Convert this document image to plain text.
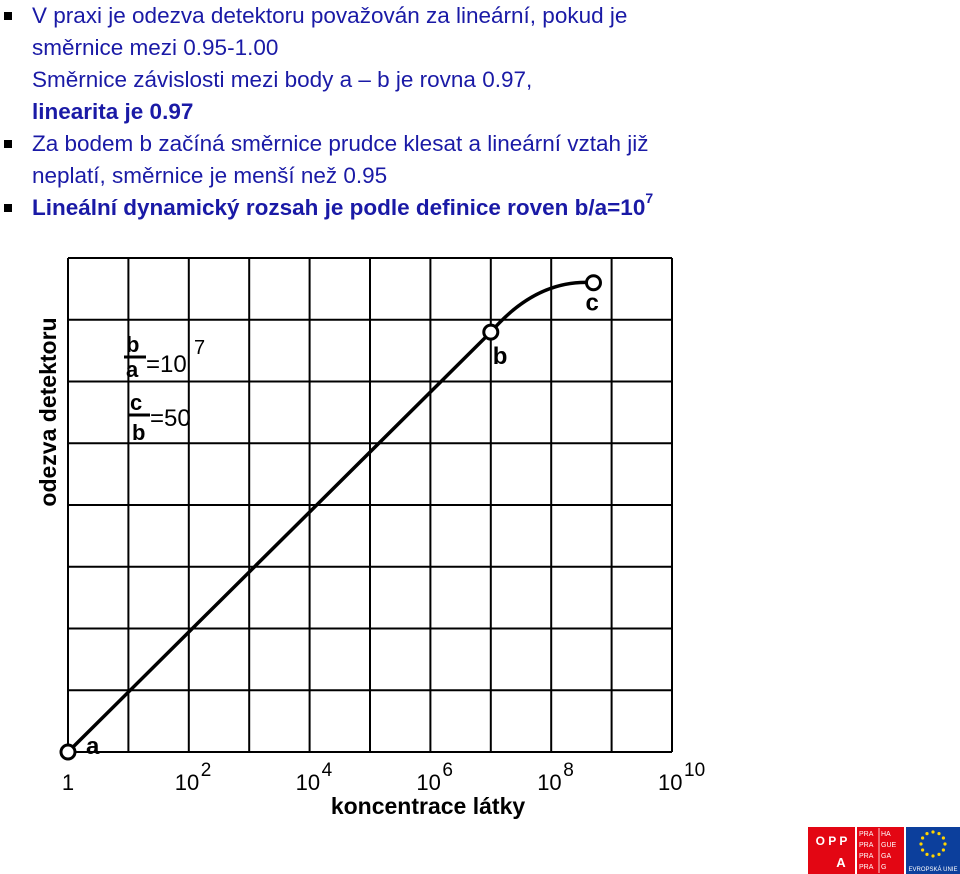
V praxi je odezva detektoru považován za lineární, pokud je
směrnice mezi 0.95-1.00
Směrnice závislosti mezi body a – b je rovna 0.97,
linearita je 0.97
Za bodem b začíná směrnice prudce klesat a lineární vztah již
neplatí, směrnice je menší než 0.95
Lineální dynamický rozsah je podle definice roven $b/a=10^7$
a
b
c
odezva detektoru
koncentrace látky
1	10 2	10 4	10 6	10 8	10 10
b
a =10
7
c
b
=50
O P P
A
PRA HA
PRA GUE
PRA GA
PRA G	EVROPSKÁ UNIE
